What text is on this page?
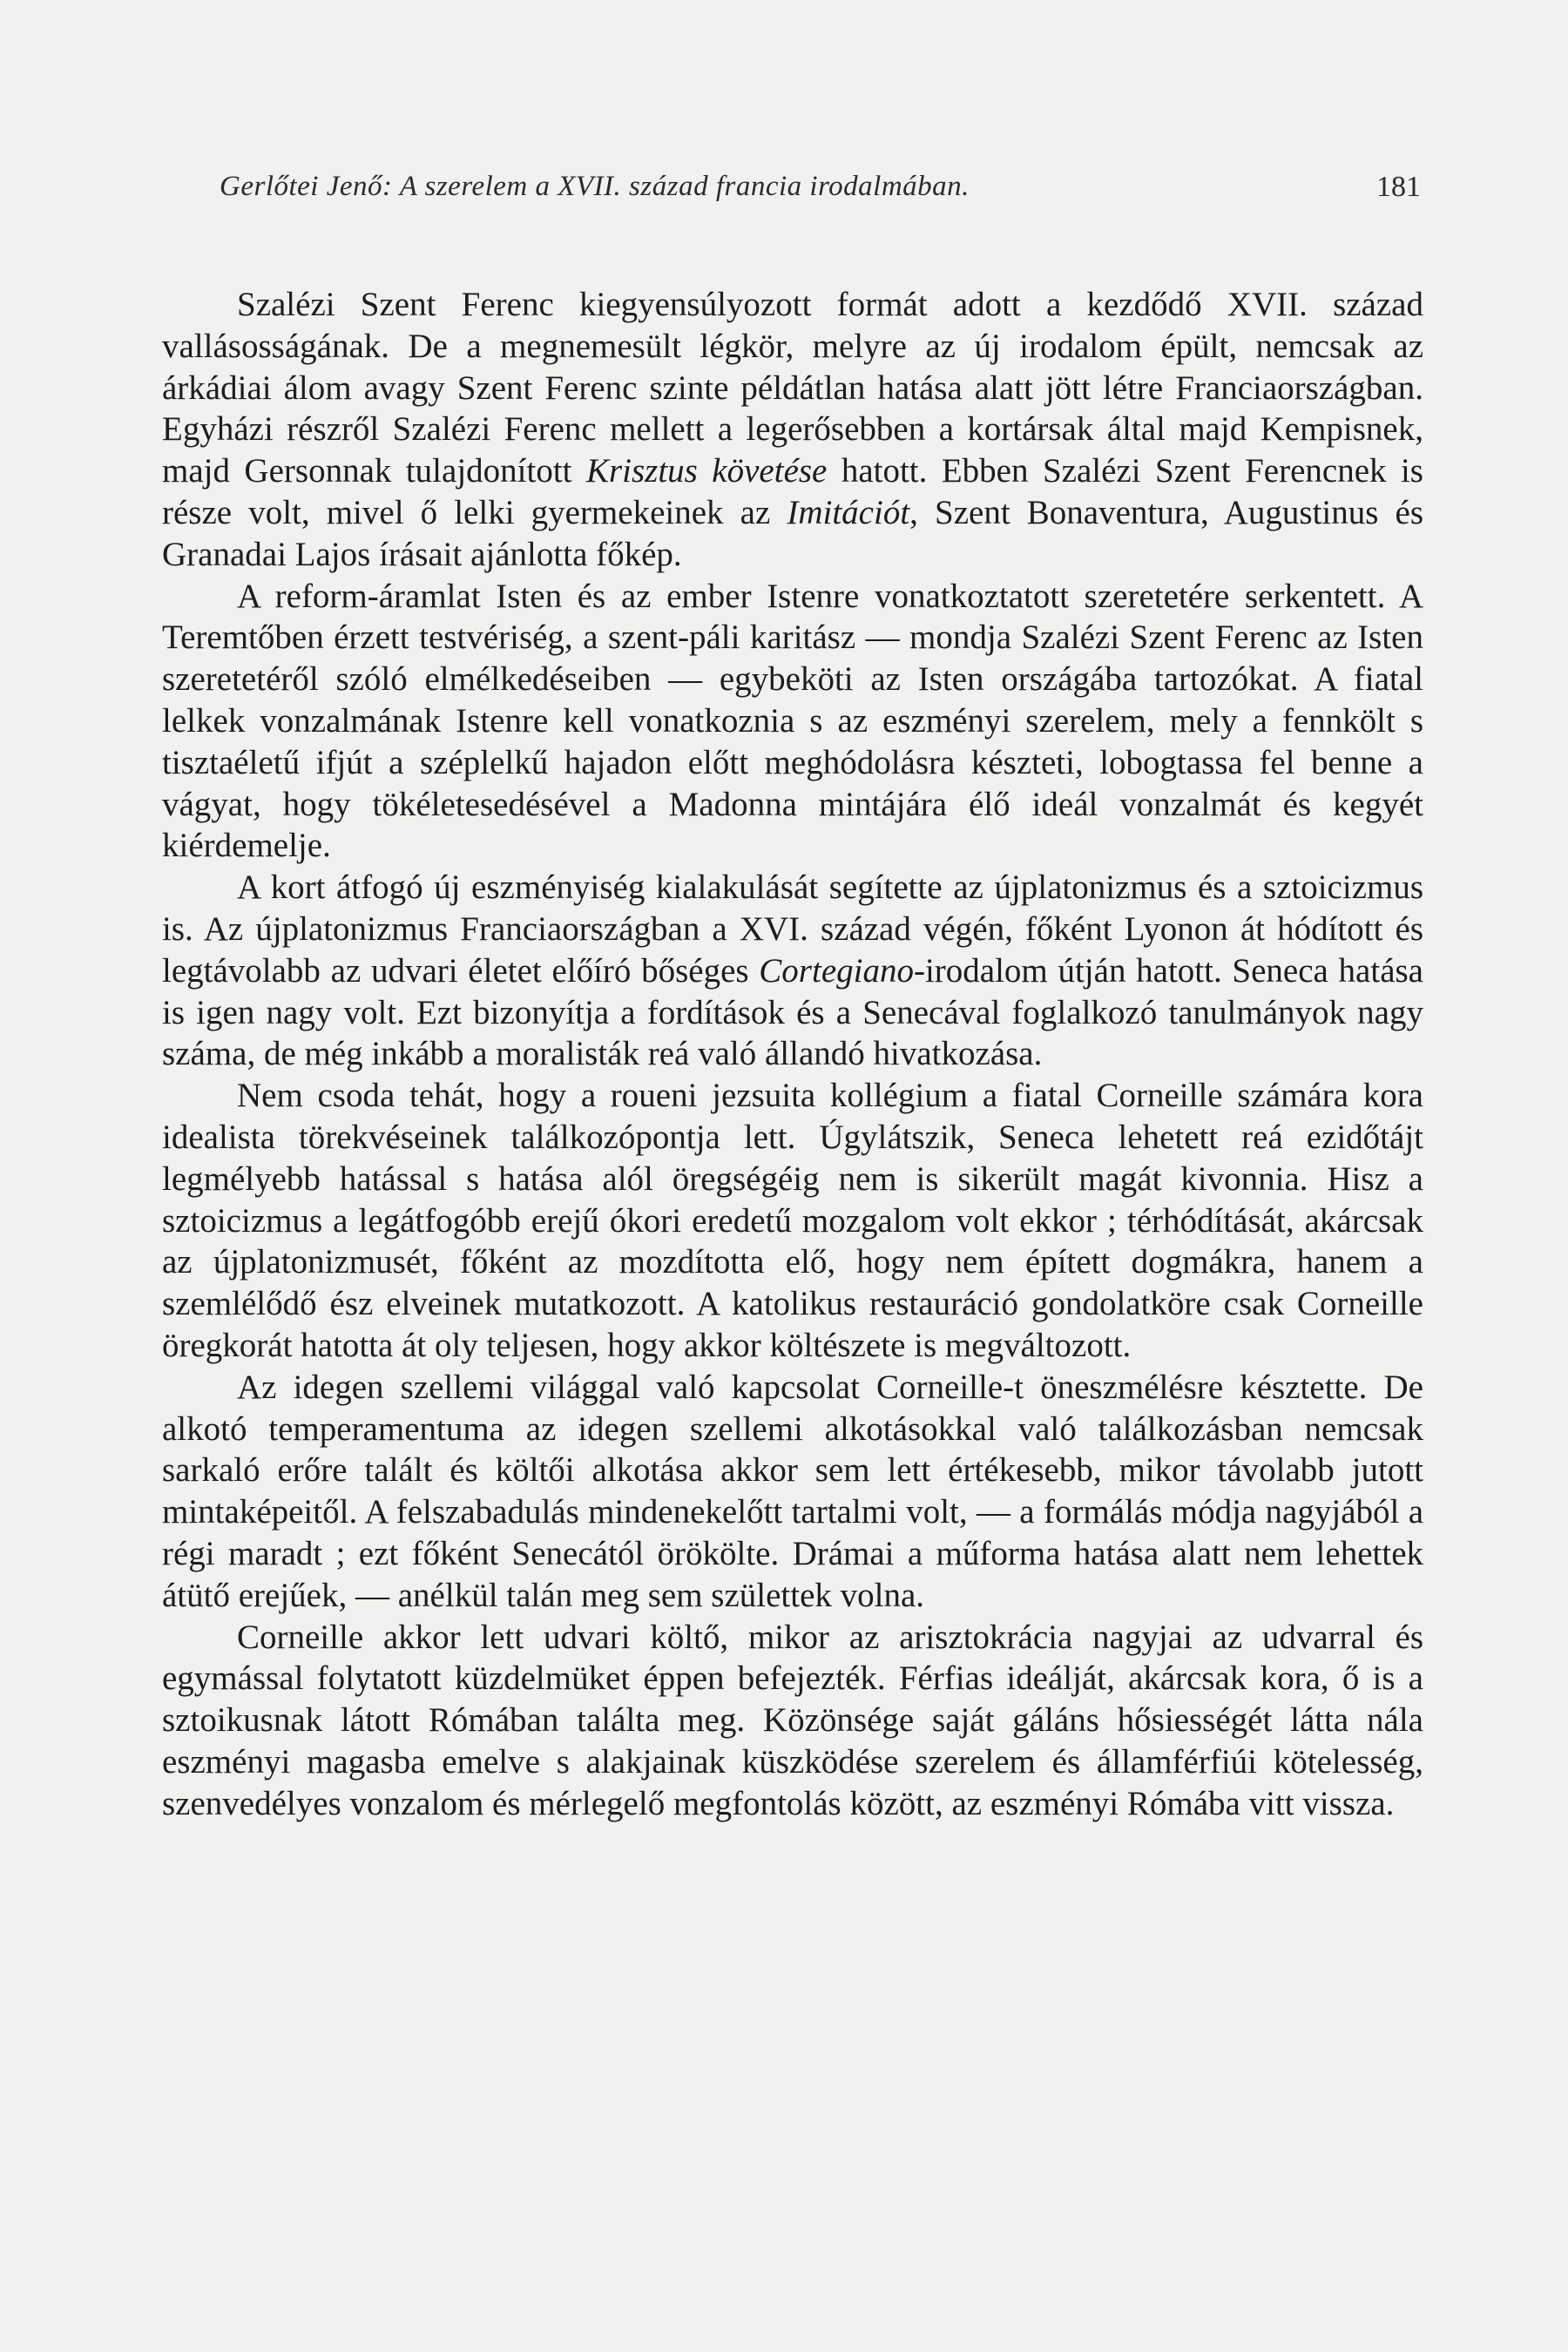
Gerlőtei Jenő: A szerelem a XVII. század francia irodalmában.	181

Szalézi Szent Ferenc kiegyensúlyozott formát adott a kezdődő XVII. század vallásosságának. De a megnemesült légkör, melyre az új irodalom épült, nemcsak az árkádiai álom avagy Szent Ferenc szinte példátlan hatása alatt jött létre Franciaországban. Egyházi részről Szalézi Ferenc mellett a legerősebben a kortársak által majd Kempisnek, majd Gersonnak tulajdonított Krisztus követése hatott. Ebben Szalézi Szent Ferencnek is része volt, mivel ő lelki gyermekeinek az Imitációt, Szent Bonaventura, Augustinus és Granadai Lajos írásait ajánlotta főkép.

A reform-áramlat Isten és az ember Istenre vonatkoztatott szeretetére serkentett. A Teremtőben érzett testvériség, a szent-páli karitász — mondja Szalézi Szent Ferenc az Isten szeretetéről szóló elmélkedéseiben — egybeköti az Isten országába tartozókat. A fiatal lelkek vonzalmának Istenre kell vonatkoznia s az eszményi szerelem, mely a fennkölt s tisztaéletű ifjút a széplelkű hajadon előtt meghódolásra készteti, lobogtassa fel benne a vágyat, hogy tökéletesedésével a Madonna mintájára élő ideál vonzalmát és kegyét kiérdemelje.

A kort átfogó új eszményiség kialakulását segítette az újplatonizmus és a sztoicizmus is. Az újplatonizmus Franciaországban a XVI. század végén, főként Lyonon át hódított és legtávolabb az udvari életet előíró bőséges Cortegiano-irodalom útján hatott. Seneca hatása is igen nagy volt. Ezt bizonyítja a fordítások és a Senecával foglalkozó tanulmányok nagy száma, de még inkább a moralisták reá való állandó hivatkozása.

Nem csoda tehát, hogy a roueni jezsuita kollégium a fiatal Corneille számára kora idealista törekvéseinek találkozópontja lett. Úgylátszik, Seneca lehetett reá ezidőtájt legmélyebb hatással s hatása alól öregségéig nem is sikerült magát kivonnia. Hisz a sztoicizmus a legátfogóbb erejű ókori eredetű mozgalom volt ekkor ; térhódítását, akárcsak az újplatonizmusét, főként az mozdította elő, hogy nem épített dogmákra, hanem a szemlélődő ész elveinek mutatkozott. A katolikus restauráció gondolatköre csak Corneille öregkorát hatotta át oly teljesen, hogy akkor költészete is megváltozott.

Az idegen szellemi világgal való kapcsolat Corneille-t öneszmélésre késztette. De alkotó temperamentuma az idegen szellemi alkotásokkal való találkozásban nemcsak sarkaló erőre talált és költői alkotása akkor sem lett értékesebb, mikor távolabb jutott mintaképeitől. A felszabadulás mindenekelőtt tartalmi volt, — a formálás módja nagyjából a régi maradt ; ezt főként Senecától örökölte. Drámai a műforma hatása alatt nem lehettek átütő erejűek, — anélkül talán meg sem születtek volna.

Corneille akkor lett udvari költő, mikor az arisztokrácia nagyjai az udvarral és egymással folytatott küzdelmüket éppen befejezték. Férfias ideálját, akárcsak kora, ő is a sztoikusnak látott Rómában találta meg. Közönsége saját gáláns hősiességét látta nála eszményi magasba emelve s alakjainak küszködése szerelem és államférfiúi kötelesség, szenvedélyes vonzalom és mérlegelő megfontolás között, az eszményi Rómába vitt vissza.
